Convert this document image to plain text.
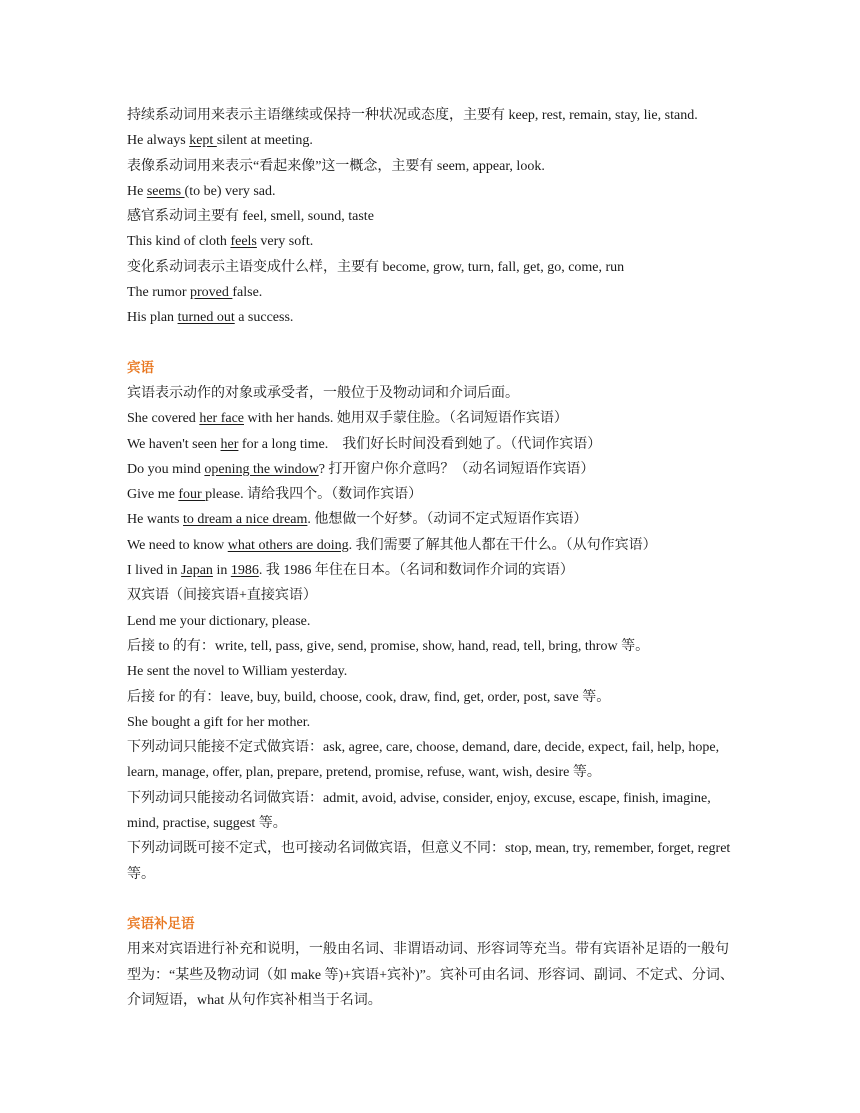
持续系动词用来表示主语继续或保持一种状况或态度，主要有 keep, rest, remain, stay, lie, stand.
He always kept silent at meeting.
表像系动词用来表示“看起来像”这一概念，主要有 seem, appear, look.
He seems (to be) very sad.
感官系动词主要有 feel, smell, sound, taste
This kind of cloth feels very soft.
变化系动词表示主语变成什么样，主要有 become, grow, turn, fall, get, go, come, run
The rumor proved false.
His plan turned out a success.
宾语
宾语表示动作的对象或承受者，一般位于及物动词和介词后面。
She covered her face with her hands. 她用双手蒙住脸。（名词短语作宾语）
We haven't seen her for a long time.    我们好长时间没看到她了。（代词作宾语）
Do you mind opening the window? 打开窗户你介意吗？（动名词短语作宾语）
Give me four please. 请给我四个。（数词作宾语）
He wants to dream a nice dream. 他想做一个好梦。（动词不定式短语作宾语）
We need to know what others are doing. 我们需要了解其他人都在干什么。（从句作宾语）
I lived in Japan in 1986. 我 1986 年住在日本。（名词和数词作介词的宾语）
双宾语（间接宾语+直接宾语）
Lend me your dictionary, please.
后接 to 的有：write, tell, pass, give, send, promise, show, hand, read, tell, bring, throw 等。
He sent the novel to William yesterday.
后接 for 的有：leave, buy, build, choose, cook, draw, find, get, order, post, save 等。
She bought a gift for her mother.
下列动词只能接不定式做宾语：ask, agree, care, choose, demand, dare, decide, expect, fail, help, hope, learn, manage, offer, plan, prepare, pretend, promise, refuse, want, wish, desire 等。
下列动词只能接动名词做宾语：admit, avoid, advise, consider, enjoy, excuse, escape, finish, imagine, mind, practise, suggest 等。
下列动词既可接不定式，也可接动名词做宾语，但意义不同：stop, mean, try, remember, forget, regret 等。
宾语补足语
用来对宾语进行补充和说明，一般由名词、非谓语动词、形容词等充当。带有宾语补足语的一般句型为：“某些及物动词（如 make 等)+宾语+宾补)”。宾补可由名词、形容词、副词、不定式、分词、介词短语，what 从句作宾补相当于名词。
